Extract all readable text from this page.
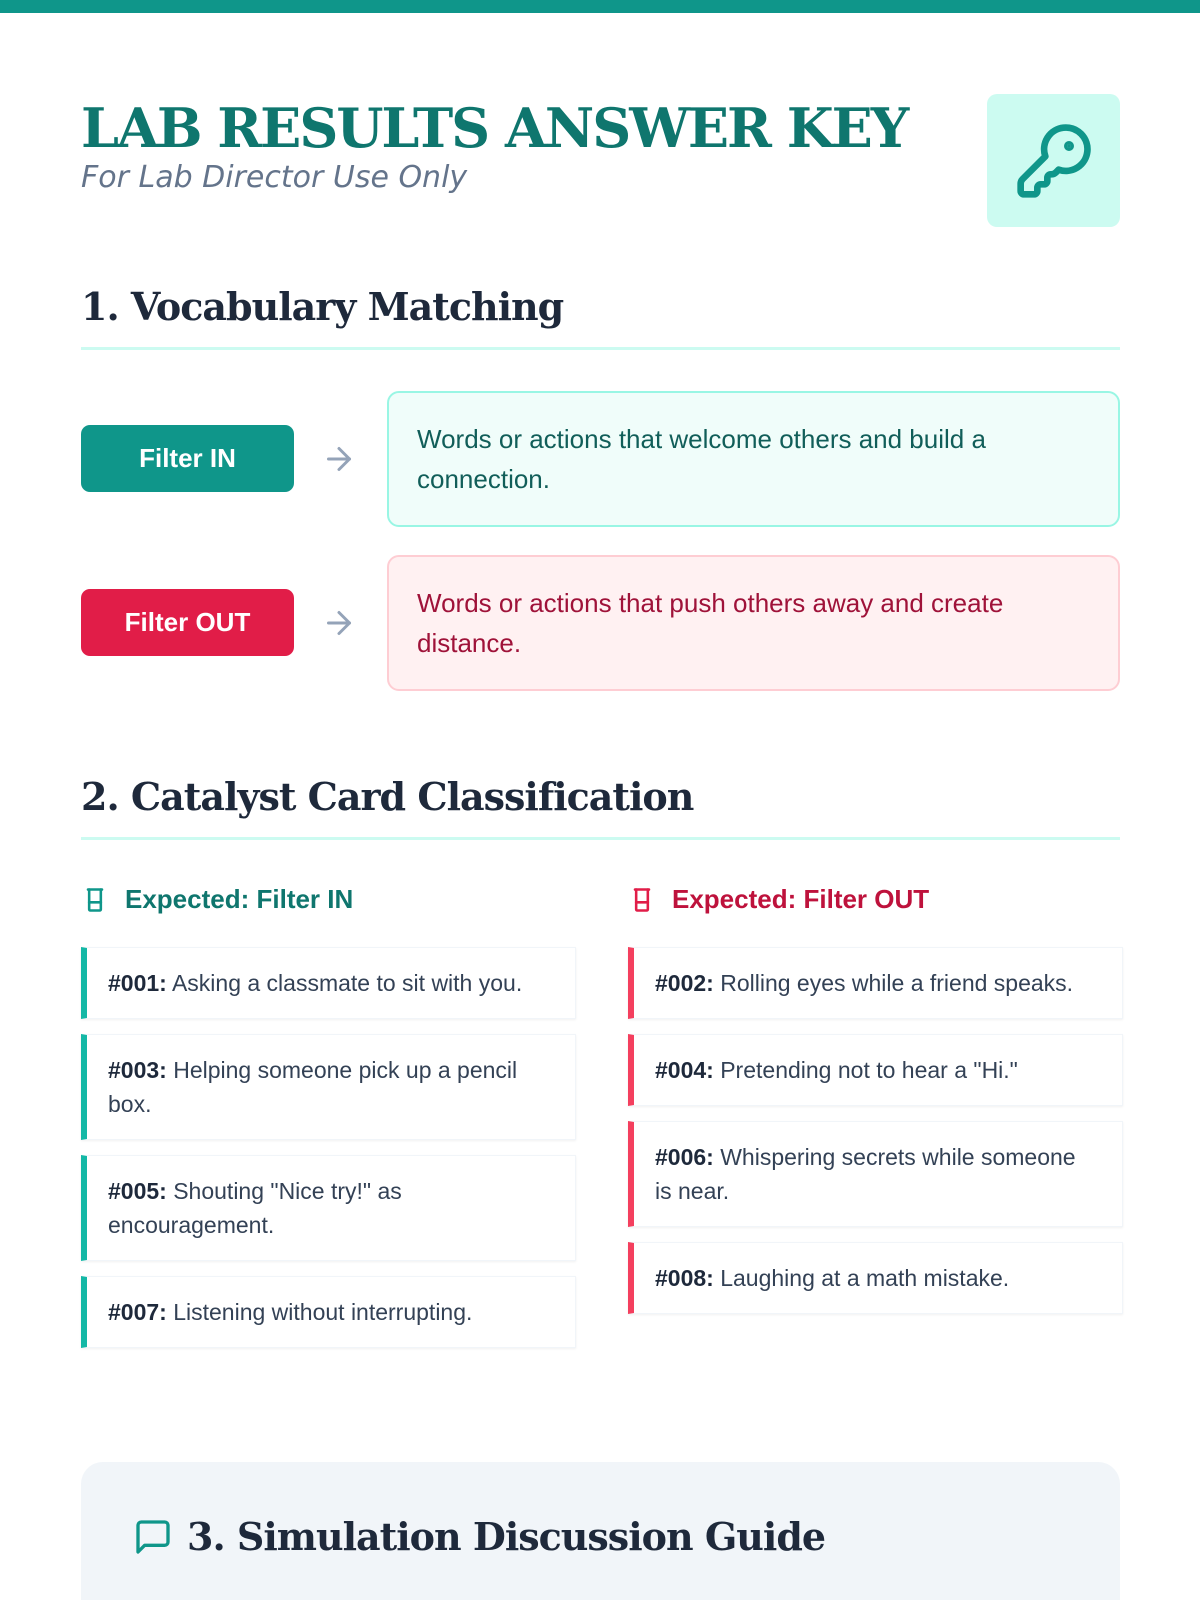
LAB RESULTS ANSWER KEY
For Lab Director Use Only
1. Vocabulary Matching
Filter IN
Words or actions that welcome others and build a connection.
Filter OUT
Words or actions that push others away and create distance.
2. Catalyst Card Classification
Expected: Filter IN	Expected: Filter OUT
#001: Asking a classmate to sit with you.
#003: Helping someone pick up a pencil box.
#005: Shouting "Nice try!" as encouragement.
#007: Listening without interrupting.
#002: Rolling eyes while a friend speaks.
#004: Pretending not to hear a "Hi."
#006: Whispering secrets while someone is near.
#008: Laughing at a math mistake.
3. Simulation Discussion Guide
